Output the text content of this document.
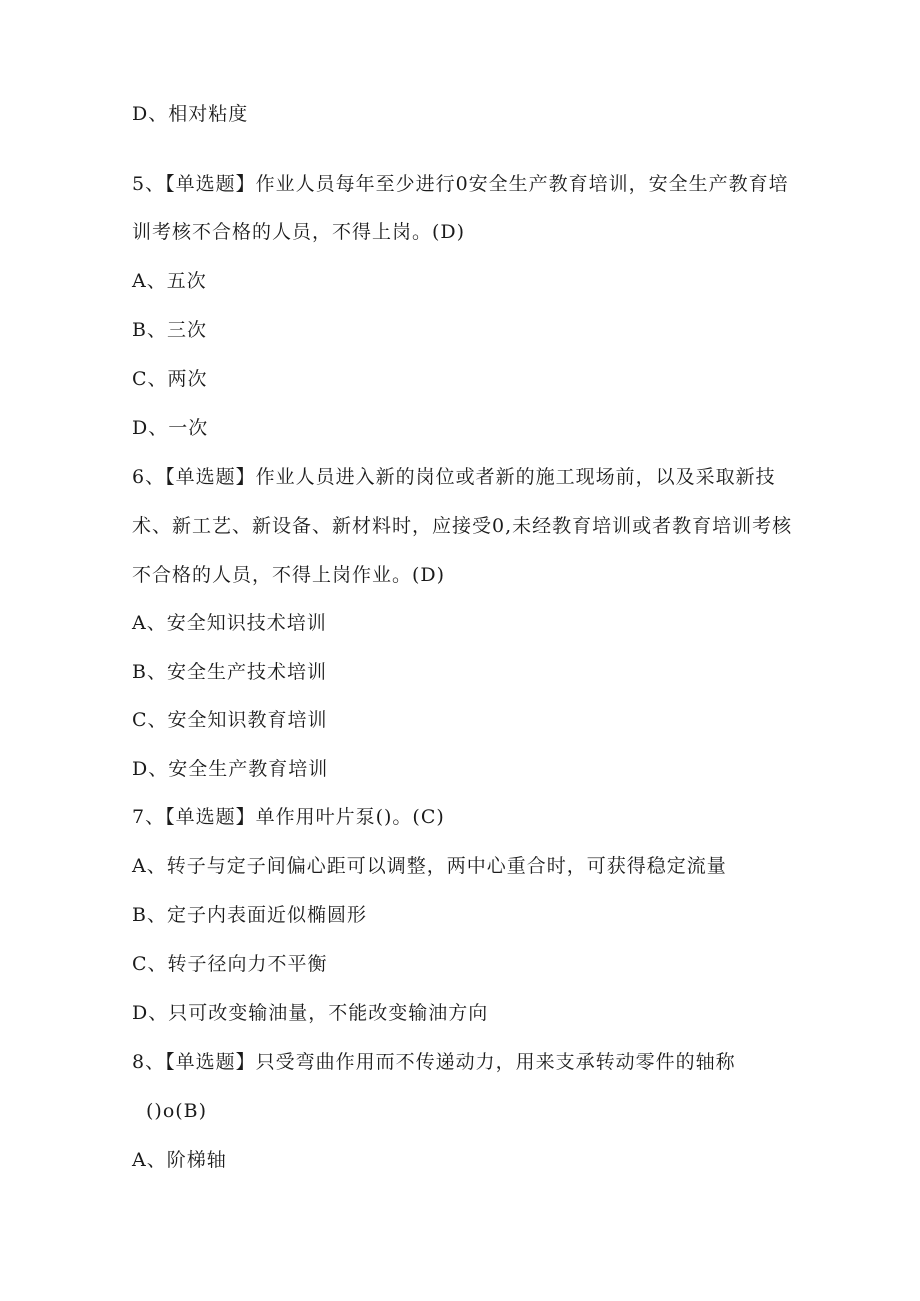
D、相对粘度
5、【单选题】作业人员每年至少进行0安全生产教育培训，安全生产教育培
训考核不合格的人员，不得上岗。(D)
A、五次
B、三次
C、两次
D、一次
6、【单选题】作业人员进入新的岗位或者新的施工现场前，以及采取新技
术、新工艺、新设备、新材料时，应接受0,未经教育培训或者教育培训考核
不合格的人员，不得上岗作业。(D)
A、安全知识技术培训
B、安全生产技术培训
C、安全知识教育培训
D、安全生产教育培训
7、【单选题】单作用叶片泵()。(C)
A、转子与定子间偏心距可以调整，两中心重合时，可获得稳定流量
B、定子内表面近似椭圆形
C、转子径向力不平衡
D、只可改变输油量，不能改变输油方向
8、【单选题】只受弯曲作用而不传递动力，用来支承转动零件的轴称
()o(B)
A、阶梯轴
